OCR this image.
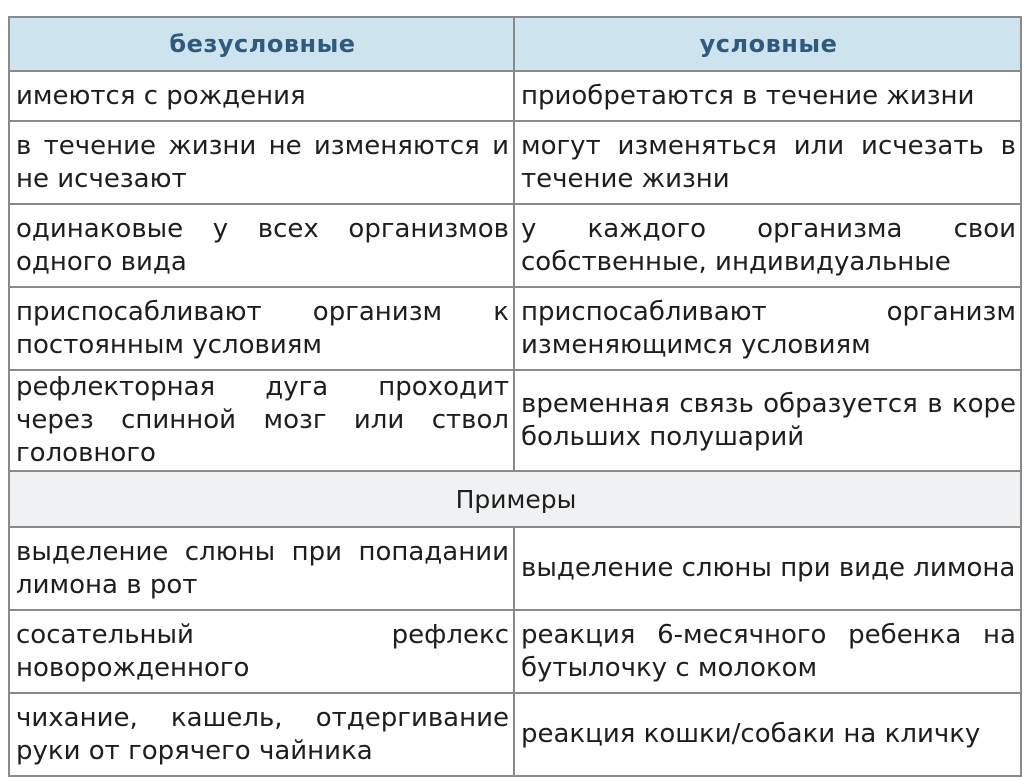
безусловные	условные
имеются с рождения	приобретаются в течение жизни
в течение жизни не изменяются и не исчезают	могут изменяться или исчезать в течение жизни
одинаковые у всех организмов одного вида	у каждого организма свои собственные, индивидуальные
приспосабливают организм к постоянным условиям	приспосабливают организм изменяющимся условиям
рефлекторная дуга проходит через спинной мозг или ствол головного	временная связь образуется в коре больших полушарий
Примеры	
выделение слюны при попадании лимона в рот	выделение слюны при виде лимона
сосательный рефлекс новорожденного	реакция 6-месячного ребенка на бутылочку с молоком
чихание, кашель, отдергивание руки от горячего чайника	реакция кошки/собаки на кличку
